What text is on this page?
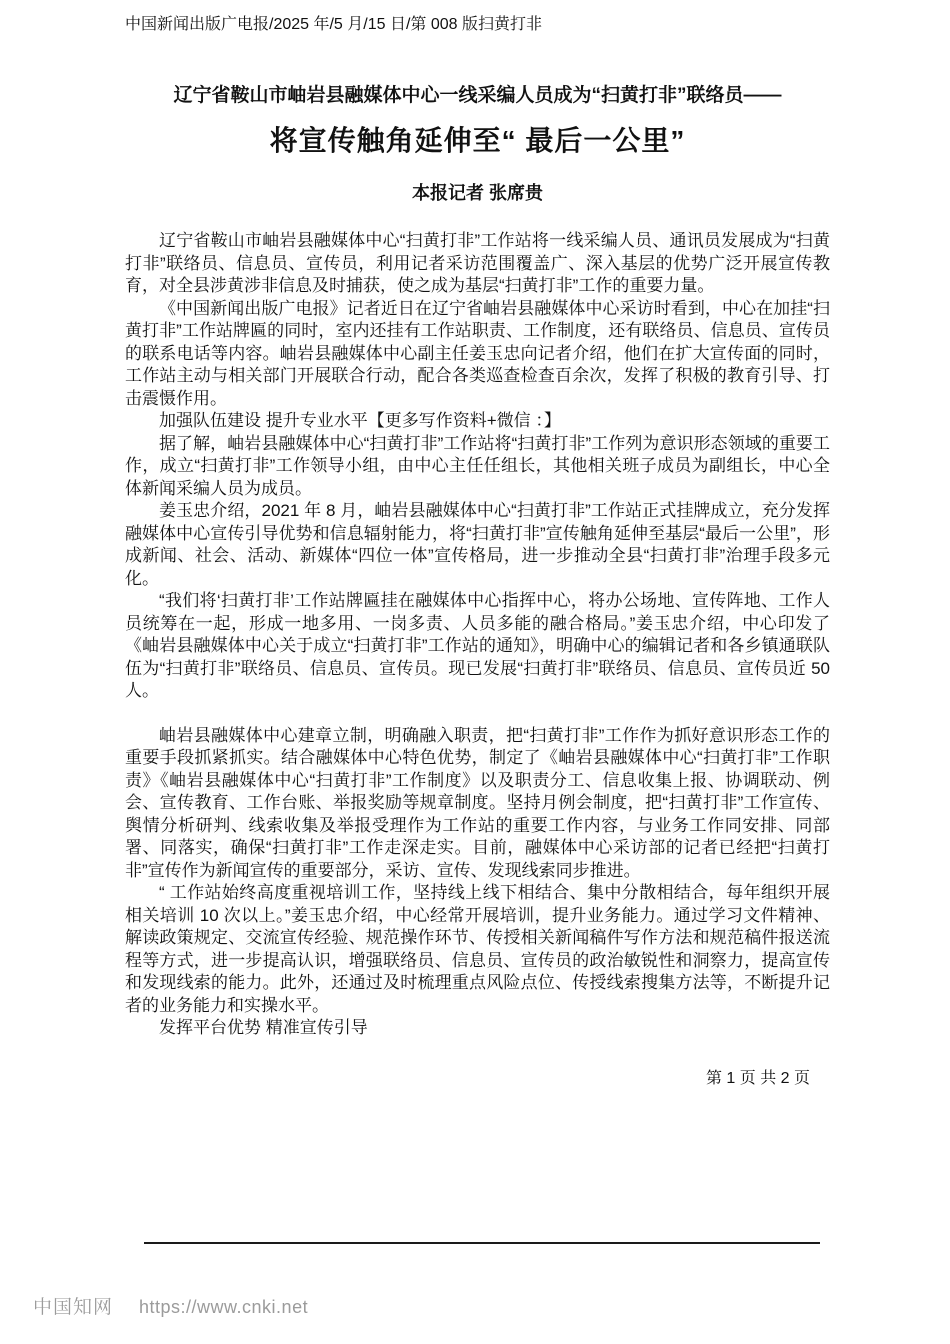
中国新闻出版广电报/2025 年/5 月/15 日/第 008 版扫黄打非
辽宁省鞍山市岫岩县融媒体中心一线采编人员成为“扫黄打非”联络员——
将宣传触角延伸至“ 最后一公里”
本报记者 张席贵

辽宁省鞍山市岫岩县融媒体中心“扫黄打非”工作站将一线采编人员、通讯员发展成为“扫黄打非”联络员、信息员、宣传员，利用记者采访范围覆盖广、深入基层的优势广泛开展宣传教育，对全县涉黄涉非信息及时捕获，使之成为基层“扫黄打非”工作的重要力量。

《中国新闻出版广电报》记者近日在辽宁省岫岩县融媒体中心采访时看到，中心在加挂“扫黄打非”工作站牌匾的同时，室内还挂有工作站职责、工作制度，还有联络员、信息员、宣传员的联系电话等内容。岫岩县融媒体中心副主任姜玉忠向记者介绍，他们在扩大宣传面的同时，工作站主动与相关部门开展联合行动，配合各类巡查检查百余次，发挥了积极的教育引导、打击震慑作用。

加强队伍建设 提升专业水平【更多写作资料+微信 ：】

据了解，岫岩县融媒体中心“扫黄打非”工作站将“扫黄打非”工作列为意识形态领域的重要工作，成立“扫黄打非”工作领导小组，由中心主任任组长，其他相关班子成员为副组长，中心全体新闻采编人员为成员。

姜玉忠介绍，2021 年 8 月，岫岩县融媒体中心“扫黄打非”工作站正式挂牌成立，充分发挥融媒体中心宣传引导优势和信息辐射能力，将“扫黄打非”宣传触角延伸至基层“最后一公里”，形成新闻、社会、活动、新媒体“四位一体”宣传格局，进一步推动全县“扫黄打非”治理手段多元化。

“我们将‘扫黄打非’工作站牌匾挂在融媒体中心指挥中心，将办公场地、宣传阵地、工作人员统筹在一起，形成一地多用、一岗多责、人员多能的融合格局。”姜玉忠介绍，中心印发了《岫岩县融媒体中心关于成立“扫黄打非”工作站的通知》，明确中心的编辑记者和各乡镇通联队伍为“扫黄打非”联络员、信息员、宣传员。现已发展“扫黄打非”联络员、信息员、宣传员近 50 人。

岫岩县融媒体中心建章立制，明确融入职责，把“扫黄打非”工作作为抓好意识形态工作的重要手段抓紧抓实。结合融媒体中心特色优势，制定了《岫岩县融媒体中心“扫黄打非”工作职责》《岫岩县融媒体中心“扫黄打非”工作制度》以及职责分工、信息收集上报、协调联动、例会、宣传教育、工作台账、举报奖励等规章制度。坚持月例会制度，把“扫黄打非”工作宣传、舆情分析研判、线索收集及举报受理作为工作站的重要工作内容，与业务工作同安排、同部署、同落实，确保“扫黄打非”工作走深走实。目前，融媒体中心采访部的记者已经把“扫黄打非”宣传作为新闻宣传的重要部分，采访、宣传、发现线索同步推进。

“ 工作站始终高度重视培训工作，坚持线上线下相结合、集中分散相结合，每年组织开展相关培训 10 次以上。”姜玉忠介绍，中心经常开展培训，提升业务能力。通过学习文件精神、解读政策规定、交流宣传经验、规范操作环节、传授相关新闻稿件写作方法和规范稿件报送流程等方式，进一步提高认识，增强联络员、信息员、宣传员的政治敏锐性和洞察力，提高宣传和发现线索的能力。此外，还通过及时梳理重点风险点位、传授线索搜集方法等，不断提升记者的业务能力和实操水平。

发挥平台优势 精准宣传引导

第 1 页 共 2 页
中国知网 https://www.cnki.net
